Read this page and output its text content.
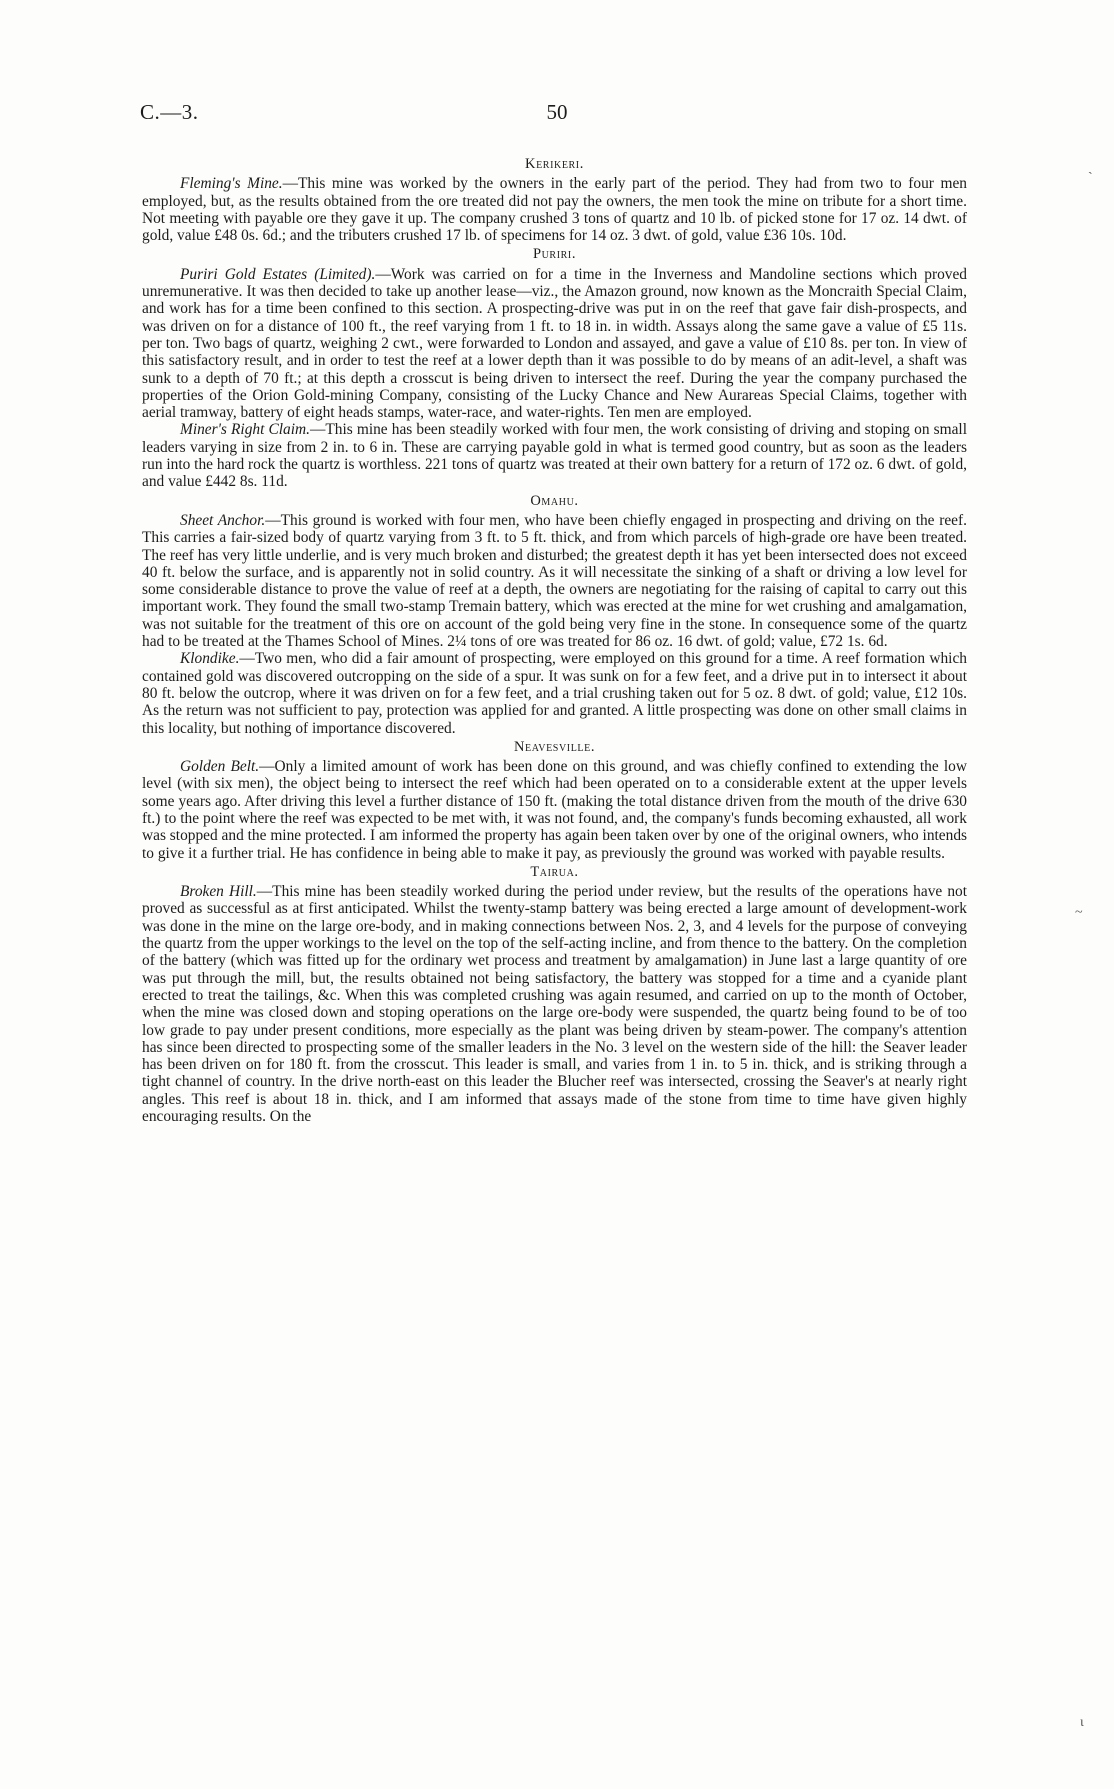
C.—3.	50
ˎ
~
ɩ
Kerikeri.

Fleming's Mine.—This mine was worked by the owners in the early part of the period. They had from two to four men employed, but, as the results obtained from the ore treated did not pay the owners, the men took the mine on tribute for a short time. Not meeting with payable ore they gave it up. The company crushed 3 tons of quartz and 10 lb. of picked stone for 17 oz. 14 dwt. of gold, value £48 0s. 6d.; and the tributers crushed 17 lb. of specimens for 14 oz. 3 dwt. of gold, value £36 10s. 10d.

Puriri.

Puriri Gold Estates (Limited).—Work was carried on for a time in the Inverness and Mandoline sections which proved unremunerative. It was then decided to take up another lease—viz., the Amazon ground, now known as the Moncraith Special Claim, and work has for a time been confined to this section. A prospecting-drive was put in on the reef that gave fair dish-prospects, and was driven on for a distance of 100 ft., the reef varying from 1 ft. to 18 in. in width. Assays along the same gave a value of £5 11s. per ton. Two bags of quartz, weighing 2 cwt., were forwarded to London and assayed, and gave a value of £10 8s. per ton. In view of this satisfactory result, and in order to test the reef at a lower depth than it was possible to do by means of an adit-level, a shaft was sunk to a depth of 70 ft.; at this depth a crosscut is being driven to intersect the reef. During the year the company purchased the properties of the Orion Gold-mining Company, consisting of the Lucky Chance and New Aurareas Special Claims, together with aerial tramway, battery of eight heads stamps, water-race, and water-rights. Ten men are employed.

Miner's Right Claim.—This mine has been steadily worked with four men, the work consisting of driving and stoping on small leaders varying in size from 2 in. to 6 in. These are carrying payable gold in what is termed good country, but as soon as the leaders run into the hard rock the quartz is worthless. 221 tons of quartz was treated at their own battery for a return of 172 oz. 6 dwt. of gold, and value £442 8s. 11d.

Omahu.

Sheet Anchor.—This ground is worked with four men, who have been chiefly engaged in prospecting and driving on the reef. This carries a fair-sized body of quartz varying from 3 ft. to 5 ft. thick, and from which parcels of high-grade ore have been treated. The reef has very little underlie, and is very much broken and disturbed; the greatest depth it has yet been intersected does not exceed 40 ft. below the surface, and is apparently not in solid country. As it will necessitate the sinking of a shaft or driving a low level for some considerable distance to prove the value of reef at a depth, the owners are negotiating for the raising of capital to carry out this important work. They found the small two-stamp Tremain battery, which was erected at the mine for wet crushing and amalgamation, was not suitable for the treatment of this ore on account of the gold being very fine in the stone. In consequence some of the quartz had to be treated at the Thames School of Mines. 2¼ tons of ore was treated for 86 oz. 16 dwt. of gold; value, £72 1s. 6d.

Klondike.—Two men, who did a fair amount of prospecting, were employed on this ground for a time. A reef formation which contained gold was discovered outcropping on the side of a spur. It was sunk on for a few feet, and a drive put in to intersect it about 80 ft. below the outcrop, where it was driven on for a few feet, and a trial crushing taken out for 5 oz. 8 dwt. of gold; value, £12 10s. As the return was not sufficient to pay, protection was applied for and granted. A little prospecting was done on other small claims in this locality, but nothing of importance discovered.

Neavesville.

Golden Belt.—Only a limited amount of work has been done on this ground, and was chiefly confined to extending the low level (with six men), the object being to intersect the reef which had been operated on to a considerable extent at the upper levels some years ago. After driving this level a further distance of 150 ft. (making the total distance driven from the mouth of the drive 630 ft.) to the point where the reef was expected to be met with, it was not found, and, the company's funds becoming exhausted, all work was stopped and the mine protected. I am informed the property has again been taken over by one of the original owners, who intends to give it a further trial. He has confidence in being able to make it pay, as previously the ground was worked with payable results.

Tairua.

Broken Hill.—This mine has been steadily worked during the period under review, but the results of the operations have not proved as successful as at first anticipated. Whilst the twenty-stamp battery was being erected a large amount of development-work was done in the mine on the large ore-body, and in making connections between Nos. 2, 3, and 4 levels for the purpose of conveying the quartz from the upper workings to the level on the top of the self-acting incline, and from thence to the battery. On the completion of the battery (which was fitted up for the ordinary wet process and treatment by amalgamation) in June last a large quantity of ore was put through the mill, but, the results obtained not being satisfactory, the battery was stopped for a time and a cyanide plant erected to treat the tailings, &c. When this was completed crushing was again resumed, and carried on up to the month of October, when the mine was closed down and stoping operations on the large ore-body were suspended, the quartz being found to be of too low grade to pay under present conditions, more especially as the plant was being driven by steam-power. The company's attention has since been directed to prospecting some of the smaller leaders in the No. 3 level on the western side of the hill: the Seaver leader has been driven on for 180 ft. from the crosscut. This leader is small, and varies from 1 in. to 5 in. thick, and is striking through a tight channel of country. In the drive north-east on this leader the Blucher reef was intersected, crossing the Seaver's at nearly right angles. This reef is about 18 in. thick, and I am informed that assays made of the stone from time to time have given highly encouraging results. On the
